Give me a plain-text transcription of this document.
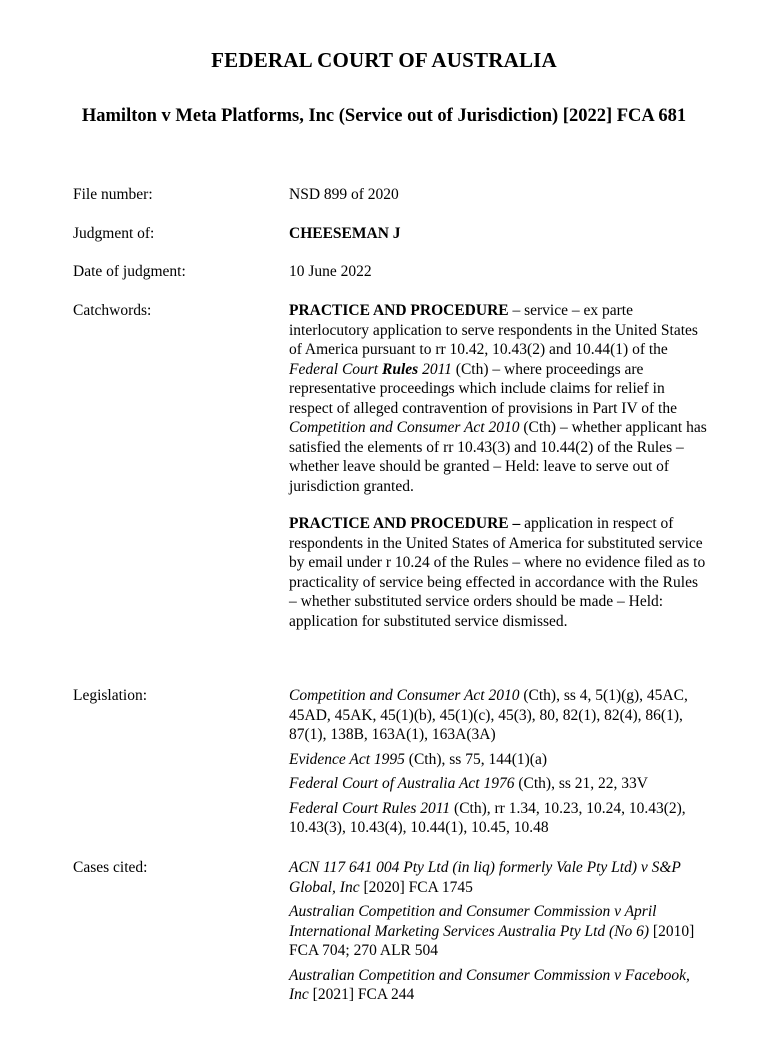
FEDERAL COURT OF AUSTRALIA
Hamilton v Meta Platforms, Inc (Service out of Jurisdiction) [2022] FCA 681
File number:	NSD 899 of 2020
Judgment of:	CHEESEMAN J
Date of judgment:	10 June 2022
Catchwords:	PRACTICE AND PROCEDURE – service – ex parte interlocutory application to serve respondents in the United States of America pursuant to rr 10.42, 10.43(2) and 10.44(1) of the Federal Court Rules 2011 (Cth) – where proceedings are representative proceedings which include claims for relief in respect of alleged contravention of provisions in Part IV of the Competition and Consumer Act 2010 (Cth) – whether applicant has satisfied the elements of rr 10.43(3) and 10.44(2) of the Rules – whether leave should be granted – Held: leave to serve out of jurisdiction granted.

PRACTICE AND PROCEDURE – application in respect of respondents in the United States of America for substituted service by email under r 10.24 of the Rules – where no evidence filed as to practicality of service being effected in accordance with the Rules – whether substituted service orders should be made – Held: application for substituted service dismissed.

Legislation:	Competition and Consumer Act 2010 (Cth), ss 4, 5(1)(g), 45AC, 45AD, 45AK, 45(1)(b), 45(1)(c), 45(3), 80, 82(1), 82(4), 86(1), 87(1), 138B, 163A(1), 163A(3A)

Evidence Act 1995 (Cth), ss 75, 144(1)(a)

Federal Court of Australia Act 1976 (Cth), ss 21, 22, 33V

Federal Court Rules 2011 (Cth), rr 1.34, 10.23, 10.24, 10.43(2), 10.43(3), 10.43(4), 10.44(1), 10.45, 10.48

Cases cited:	ACN 117 641 004 Pty Ltd (in liq) formerly Vale Pty Ltd) v S&P Global, Inc [2020] FCA 1745

Australian Competition and Consumer Commission v April International Marketing Services Australia Pty Ltd (No 6) [2010] FCA 704; 270 ALR 504

Australian Competition and Consumer Commission v Facebook, Inc [2021] FCA 244
